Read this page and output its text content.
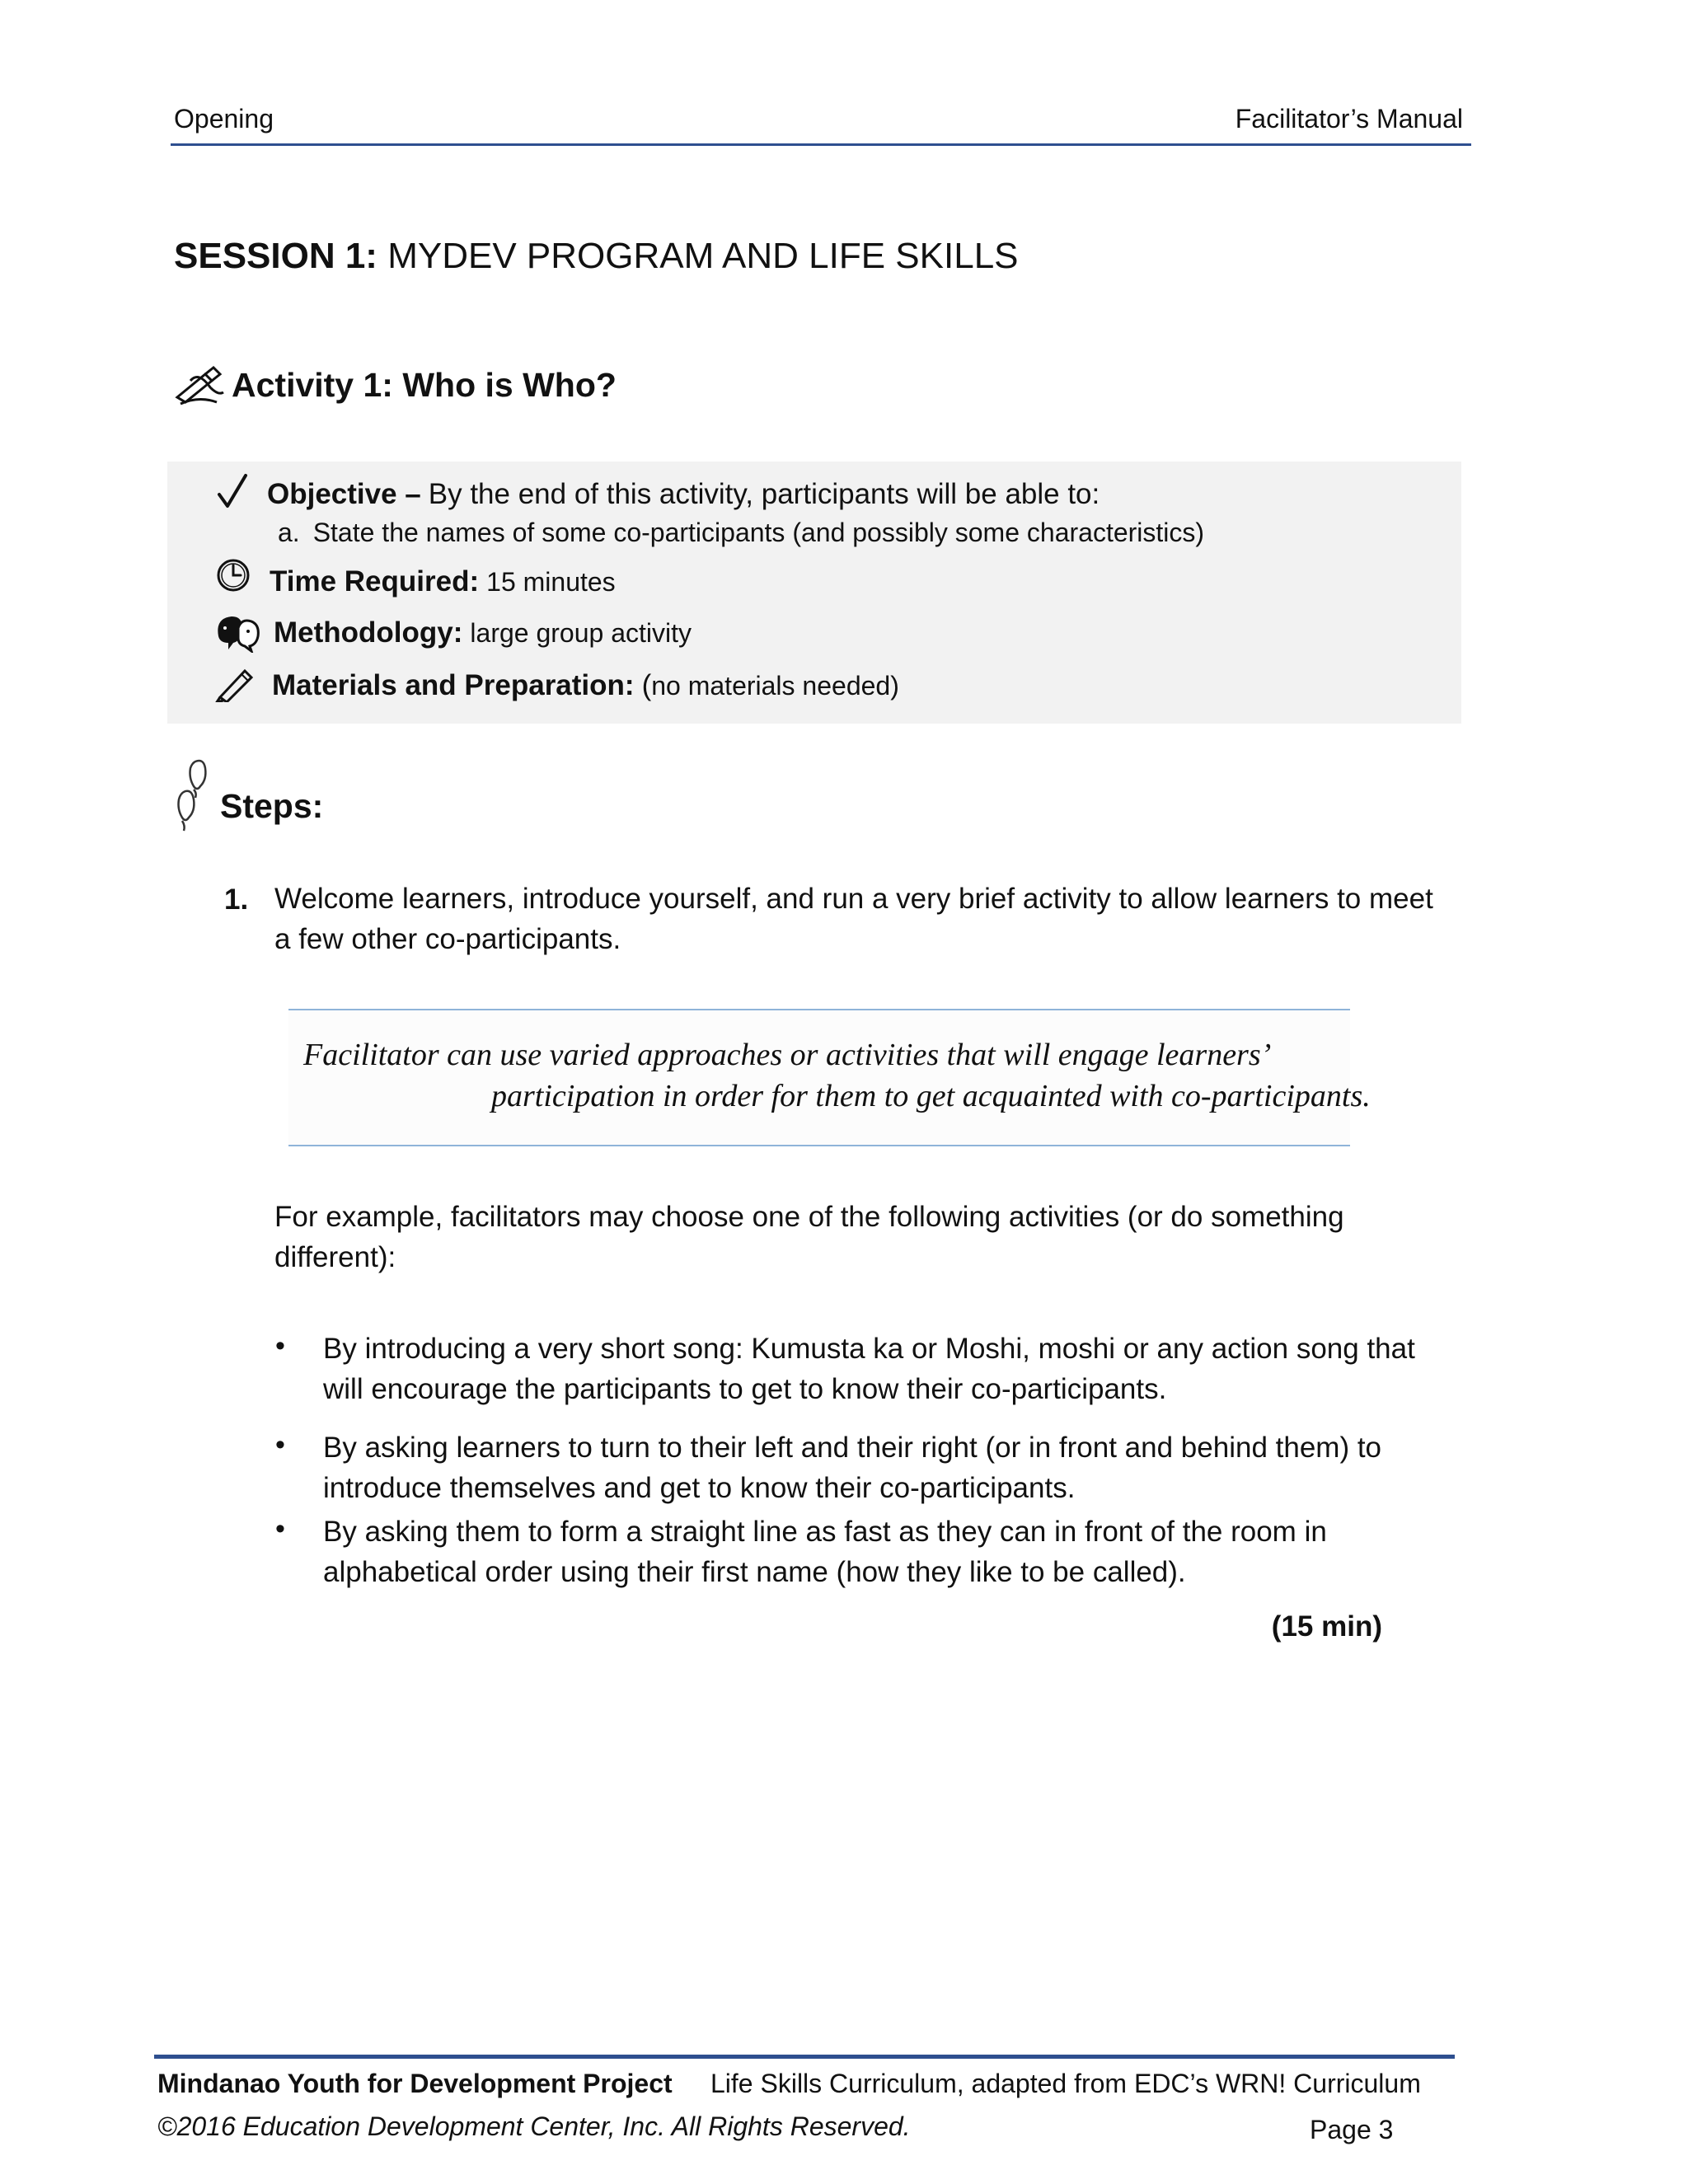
Opening	Facilitator’s Manual
SESSION 1: MYDEV PROGRAM AND LIFE SKILLS
Activity 1: Who is Who?
Objective – By the end of this activity, participants will be able to:
a. State the names of some co-participants (and possibly some characteristics)
Time Required: 15 minutes
Methodology: large group activity
Materials and Preparation: ( no materials needed)
Steps:
1. Welcome learners, introduce yourself, and run a very brief activity to allow learners to meet a few other co-participants.
Facilitator can use varied approaches or activities that will engage learners’
participation in order for them to get acquainted with co-participants.
For example, facilitators may choose one of the following activities (or do something different):
• By introducing a very short song: Kumusta ka or Moshi, moshi or any action song that will encourage the participants to get to know their co-participants.
• By asking learners to turn to their left and their right (or in front and behind them) to introduce themselves and get to know their co-participants.
• By asking them to form a straight line as fast as they can in front of the room in alphabetical order using their first name (how they like to be called).
(15 min)
Mindanao Youth for Development Project Life Skills Curriculum, adapted from EDC’s WRN! Curriculum
©2016 Education Development Center, Inc. All Rights Reserved.	Page 3
